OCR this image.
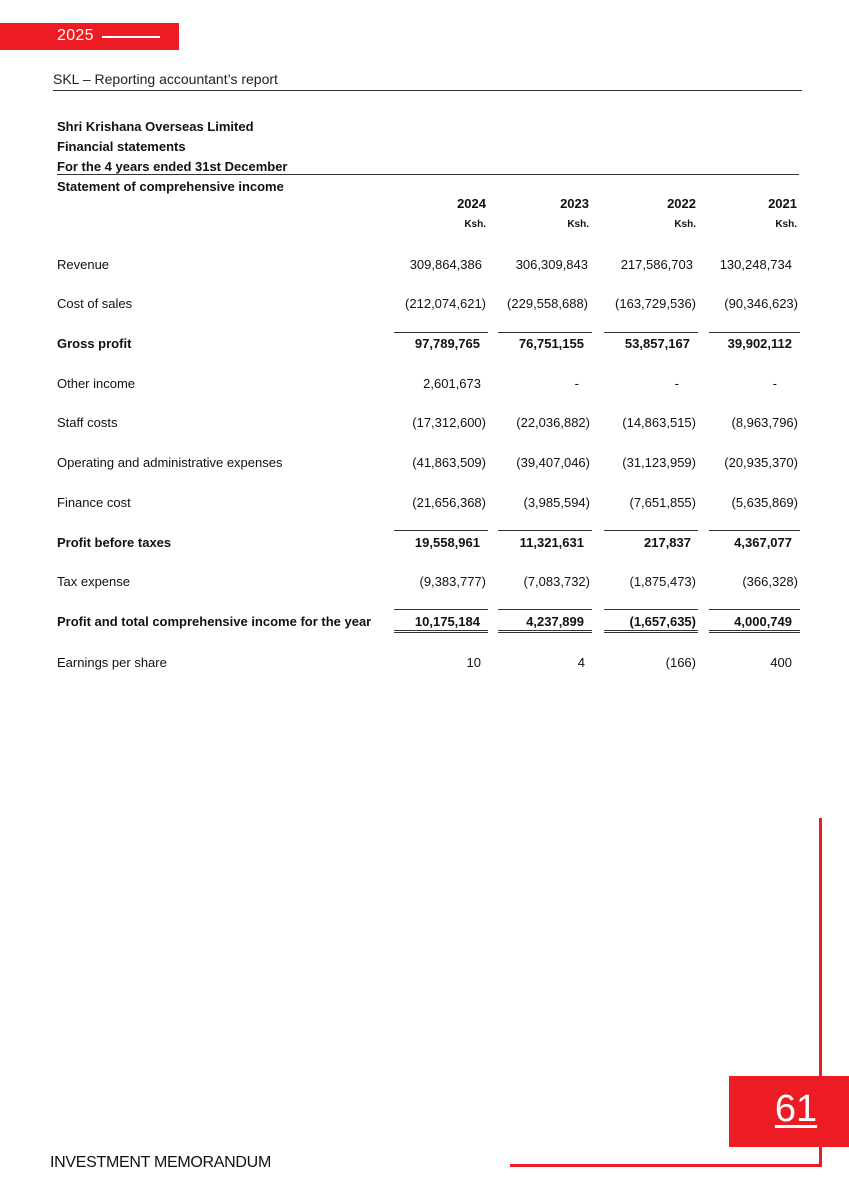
2025
SKL – Reporting accountant’s report
Shri Krishana Overseas Limited
Financial statements
For the 4 years ended 31st December
Statement of comprehensive income
2024	2023	2022	2021
Ksh.	Ksh.	Ksh.	Ksh.
Revenue	309,864,386	306,309,843	217,586,703	130,248,734
Cost of sales	(212,074,621)	(229,558,688)	(163,729,536)	(90,346,623)
Gross profit	97,789,765	76,751,155	53,857,167	39,902,112
Other income	2,601,673	-	-	-
Staff costs	(17,312,600)	(22,036,882)	(14,863,515)	(8,963,796)
Operating and administrative expenses	(41,863,509)	(39,407,046)	(31,123,959)	(20,935,370)
Finance cost	(21,656,368)	(3,985,594)	(7,651,855)	(5,635,869)
Profit before taxes	19,558,961	11,321,631	217,837	4,367,077
Tax expense	(9,383,777)	(7,083,732)	(1,875,473)	(366,328)
Profit and total comprehensive income for the year	10,175,184	4,237,899	(1,657,635)	4,000,749
Earnings per share	10	4	(166)	400
61
INVESTMENT MEMORANDUM
